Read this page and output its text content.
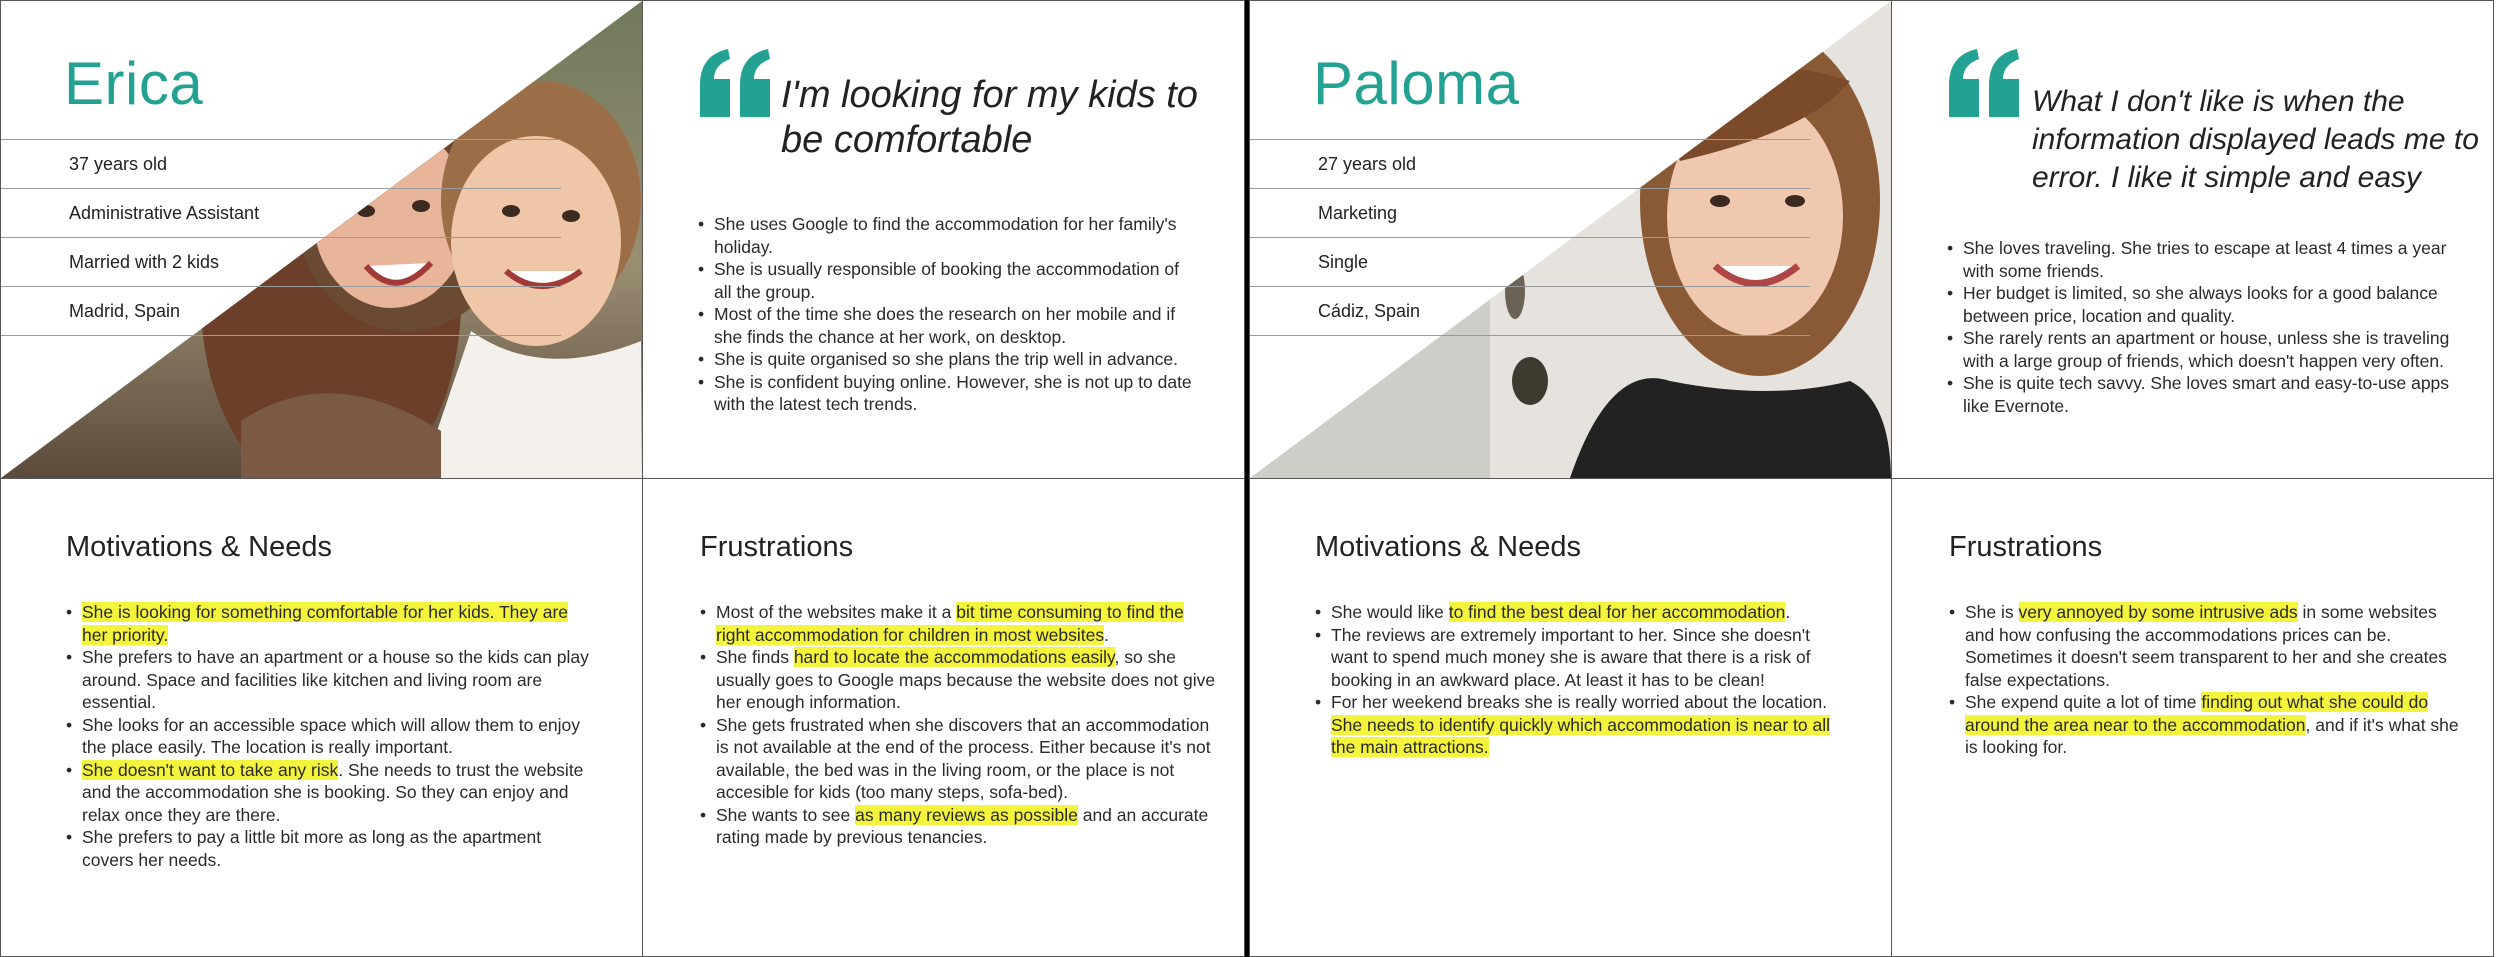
Erica
37 years old
Administrative Assistant
Married with 2 kids
Madrid, Spain

I'm looking for my kids to be comfortable

• She uses Google to find the accommodation for her family's holiday.
• She is usually responsible of booking the accommodation of all the group.
• Most of the time she does the research on her mobile and if she finds the chance at her work, on desktop.
• She is quite organised so she plans the trip well in advance.
• She is confident buying online. However, she is not up to date with the latest tech trends.
Motivations & Needs
• She is looking for something comfortable for her kids. They are her priority.
• She prefers to have an apartment or a house so the kids can play around. Space and facilities like kitchen and living room are essential.
• She looks for an accessible space which will allow them to enjoy the place easily. The location is really important.
• She doesn't want to take any risk. She needs to trust the website and the accommodation she is booking. So they can enjoy and relax once they are there.
• She prefers to pay a little bit more as long as the apartment covers her needs.
Frustrations
• Most of the websites make it a bit time consuming to find the right accommodation for children in most websites.
• She finds hard to locate the accommodations easily, so she usually goes to Google maps because the website does not give her enough information.
• She gets frustrated when she discovers that an accommodation is not available at the end of the process. Either because it's not available, the bed was in the living room, or the place is not accesible for kids (too many steps, sofa-bed).
• She wants to see as many reviews as possible and an accurate rating made by previous tenancies.
Paloma
27 years old
Marketing
Single
Cádiz, Spain

What I don't like is when the information displayed leads me to error. I like it simple and easy

• She loves traveling. She tries to escape at least 4 times a year with some friends.
• Her budget is limited, so she always looks for a good balance between price, location and quality.
• She rarely rents an apartment or house, unless she is traveling with a large group of friends, which doesn't happen very often.
• She is quite tech savvy. She loves smart and easy-to-use apps like Evernote.
Motivations & Needs
• She would like to find the best deal for her accommodation.
• The reviews are extremely important to her. Since she doesn't want to spend much money she is aware that there is a risk of booking in an awkward place. At least it has to be clean!
• For her weekend breaks she is really worried about the location. She needs to identify quickly which accommodation is near to all the main attractions.
Frustrations
• She is very annoyed by some intrusive ads in some websites and how confusing the accommodations prices can be. Sometimes it doesn't seem transparent to her and she creates false expectations.
• She expend quite a lot of time finding out what she could do around the area near to the accommodation, and if it's what she is looking for.
